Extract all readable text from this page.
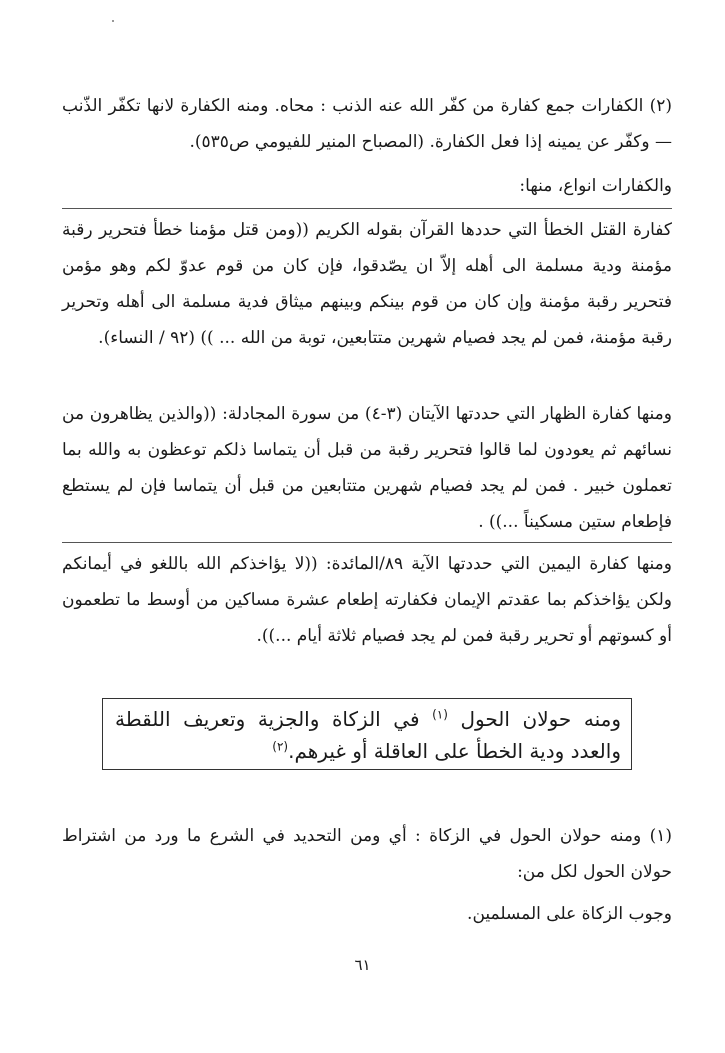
(٢) الكفارات جمع كفارة من كفّر الله عنه الذنب : محاه. ومنه الكفارة لانها تكفّر الذّنب — وكفّر عن يمينه إذا فعل الكفارة. (المصباح المنير للفيومي ص٥٣٥).

والكفارات انواع، منها:

كفارة القتل الخطأ التي حددها القرآن بقوله الكريم ((ومن قتل مؤمنا خطأ فتحرير رقبة مؤمنة ودية مسلمة الى أهله إلاّ ان يصّدقوا، فإن كان من قوم عدوّ لكم وهو مؤمن فتحرير رقبة مؤمنة وإن كان من قوم بينكم وبينهم ميثاق فدية مسلمة الى أهله وتحرير رقبة مؤمنة، فمن لم يجد فصيام شهرين متتابعين، توبة من الله ... )) (٩٢ / النساء).

ومنها كفارة الظهار التي حددتها الآيتان (٣-٤) من سورة المجادلة: ((والذين يظاهرون من نسائهم ثم يعودون لما قالوا فتحرير رقبة من قبل أن يتماسا ذلكم توعظون به والله بما تعملون خبير . فمن لم يجد فصيام شهرين متتابعين من قبل أن يتماسا فإن لم يستطع فإطعام ستين مسكيناً ...)) .

ومنها كفارة اليمين التي حددتها الآية ٨٩/المائدة: ((لا يؤاخذكم الله باللغو في أيمانكم ولكن يؤاخذكم بما عقدتم الإيمان فكفارته إطعام عشرة مساكين من أوسط ما تطعمون أو كسوتهم أو تحرير رقبة فمن لم يجد فصيام ثلاثة أيام ...)).

ومنه حولان الحول $^{(١)}$ في الزكاة والجزية وتعريف اللقطة والعدد ودية الخطأ على العاقلة أو غيرهم.$^{(٢)}$

(١) ومنه حولان الحول في الزكاة : أي ومن التحديد في الشرع ما ورد من اشتراط حولان الحول لكل من:

وجوب الزكاة على المسلمين.

٦١
